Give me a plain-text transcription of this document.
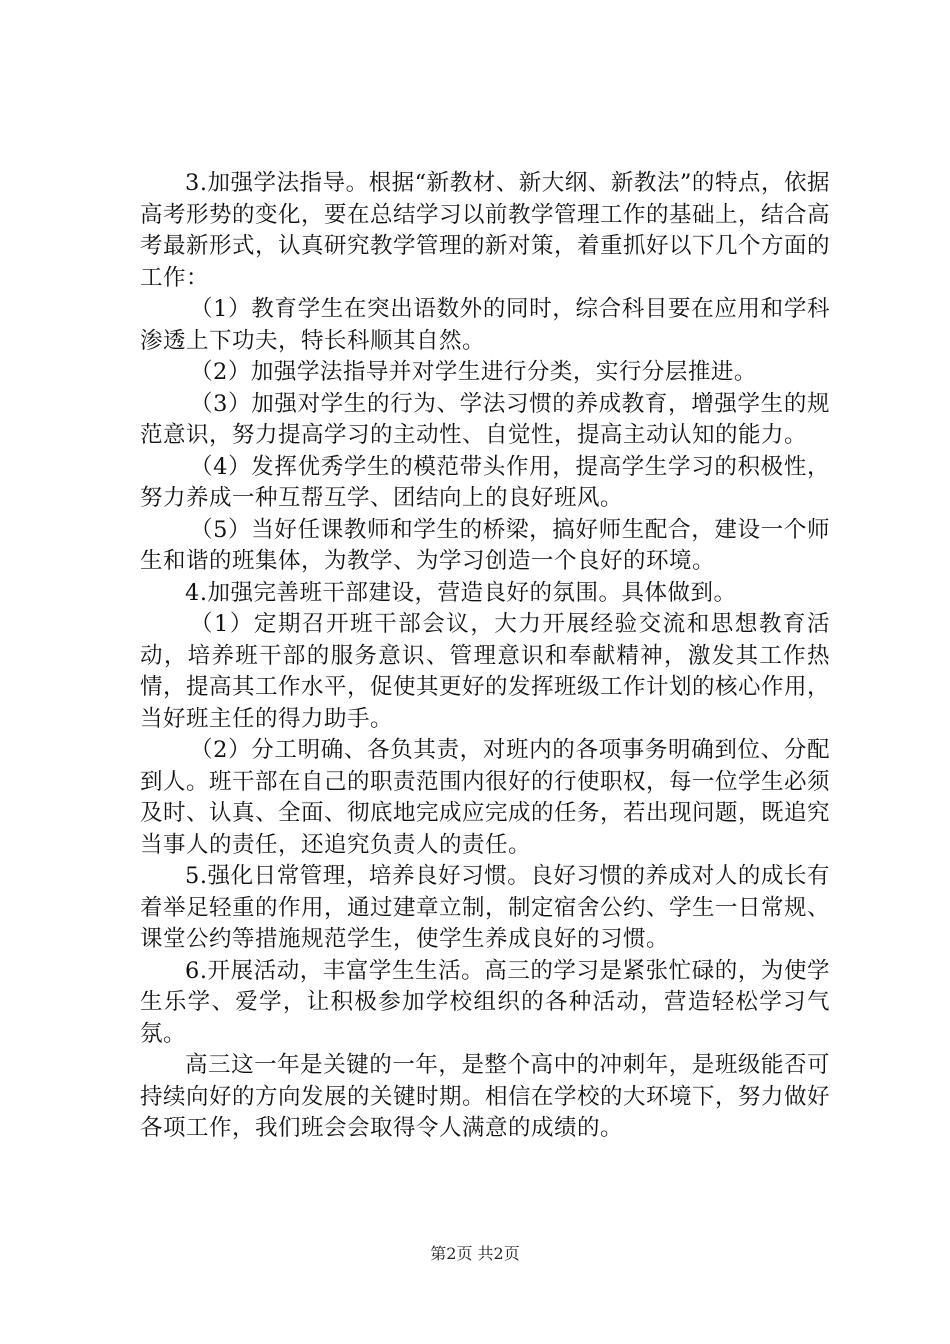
3.加强学法指导。根据“新教材、新大纲、新教法”的特点，依据高考形势的变化，要在总结学习以前教学管理工作的基础上，结合高考最新形式，认真研究教学管理的新对策，着重抓好以下几个方面的工作：

（1）教育学生在突出语数外的同时，综合科目要在应用和学科渗透上下功夫，特长科顺其自然。

（2）加强学法指导并对学生进行分类，实行分层推进。

（3）加强对学生的行为、学法习惯的养成教育，增强学生的规范意识，努力提高学习的主动性、自觉性，提高主动认知的能力。

（4）发挥优秀学生的模范带头作用，提高学生学习的积极性，努力养成一种互帮互学、团结向上的良好班风。

（5）当好任课教师和学生的桥梁，搞好师生配合，建设一个师生和谐的班集体，为教学、为学习创造一个良好的环境。

4.加强完善班干部建设，营造良好的氛围。具体做到。

（1）定期召开班干部会议，大力开展经验交流和思想教育活动，培养班干部的服务意识、管理意识和奉献精神，激发其工作热情，提高其工作水平，促使其更好的发挥班级工作计划的核心作用，当好班主任的得力助手。

（2）分工明确、各负其责，对班内的各项事务明确到位、分配到人。班干部在自己的职责范围内很好的行使职权，每一位学生必须及时、认真、全面、彻底地完成应完成的任务，若出现问题，既追究当事人的责任，还追究负责人的责任。

5.强化日常管理，培养良好习惯。良好习惯的养成对人的成长有着举足轻重的作用，通过建章立制，制定宿舍公约、学生一日常规、课堂公约等措施规范学生，使学生养成良好的习惯。

6.开展活动，丰富学生生活。高三的学习是紧张忙碌的，为使学生乐学、爱学，让积极参加学校组织的各种活动，营造轻松学习气氛。

高三这一年是关键的一年，是整个高中的冲刺年，是班级能否可持续向好的方向发展的关键时期。相信在学校的大环境下，努力做好各项工作，我们班会会取得令人满意的成绩的。

第2页 共2页
